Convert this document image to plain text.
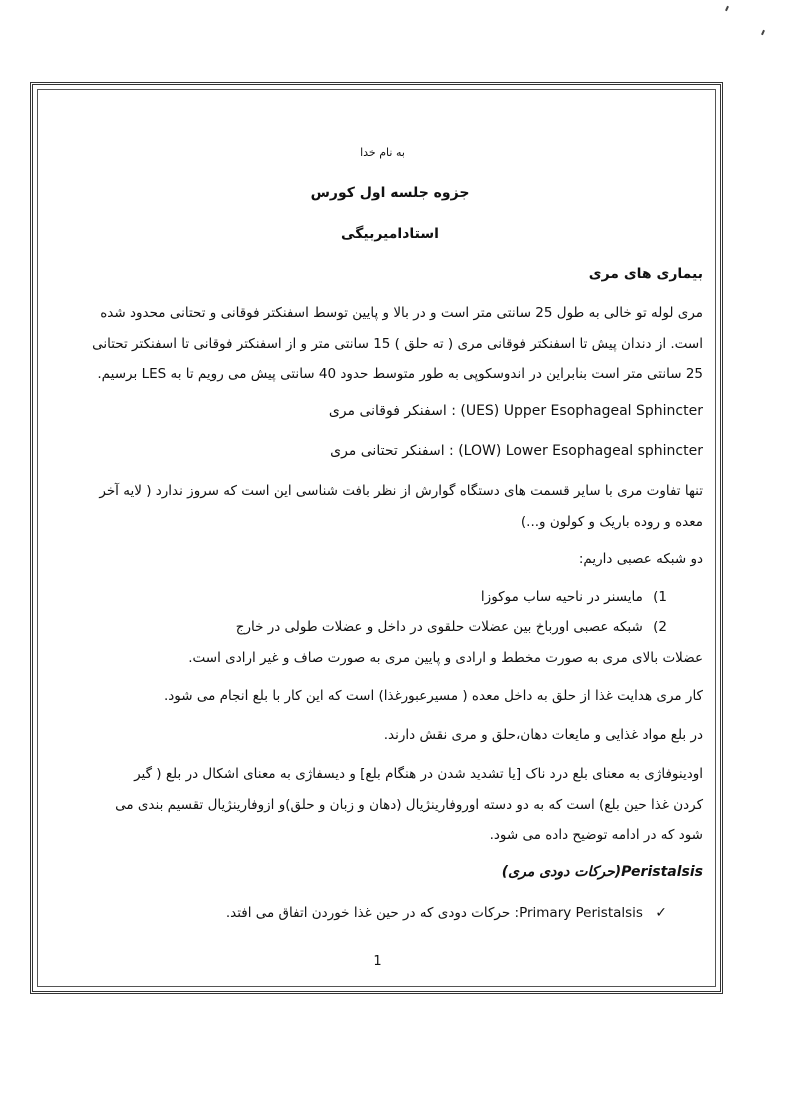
به نام خدا
جزوه جلسه اول کورس
استادامیربیگی
بیماری های مری
مری لوله تو خالی به طول 25 سانتی متر است و در بالا و پایین توسط اسفنکتر فوقانی و تحتانی محدود شده
است. از دندان پیش تا اسفنکتر فوقانی مری ( ته حلق ) 15 سانتی متر و از اسفنکتر فوقانی تا اسفنکتر تحتانی
25 سانتی متر است بنابراین در اندوسکوپی به طور متوسط حدود 40 سانتی پیش می رویم تا به LES برسیم.
(UES) Upper Esophageal Sphincter : اسفنکر فوقانی مری
(LOW) Lower Esophageal sphincter : اسفنکر تحتانی مری
تنها تفاوت مری با سایر قسمت های دستگاه گوارش از نظر بافت شناسی این است که سروز ندارد ( لایه آخر
معده و روده باریک و کولون و...)
دو شبکه عصبی داریم:
1) مایسنر در ناحیه ساب موکوزا
2) شبکه عصبی اورباخ بین عضلات حلقوی در داخل و عضلات طولی در خارج
عضلات بالای مری به صورت مخطط و ارادی و پایین مری به صورت صاف و غیر ارادی است.
کار مری هدایت غذا از حلق به داخل معده ( مسیرعبورغذا) است که این کار با بلع انجام می شود.
در بلع مواد غذایی و مایعات دهان،حلق و مری نقش دارند.
اودینوفاژی به معنای بلع درد ناک [یا تشدید شدن در هنگام بلع] و دیسفاژی به معنای اشکال در بلع ( گیر
کردن غذا حین بلع) است که به دو دسته اوروفارینژیال (دهان و زبان و حلق)و ازوفارینژیال تقسیم بندی می
شود که در ادامه توضیح داده می شود.
Peristalsis(حرکات دودی مری)
✓ Primary Peristalsis: حرکات دودی که در حین غذا خوردن اتفاق می افتد.
1
